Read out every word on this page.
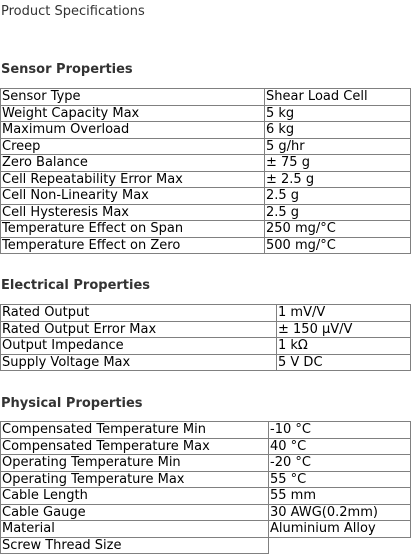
Product Specifications
Sensor Properties
Sensor Type	Shear Load Cell
Weight Capacity Max	5 kg
Maximum Overload	6 kg
Creep	5 g/hr
Zero Balance	± 75 g
Cell Repeatability Error Max	± 2.5 g
Cell Non-Linearity Max	2.5 g
Cell Hysteresis Max	2.5 g
Temperature Effect on Span	250 mg/°C
Temperature Effect on Zero	500 mg/°C
Electrical Properties
Rated Output	1 mV/V
Rated Output Error Max	± 150 µV/V
Output Impedance	1 kΩ
Supply Voltage Max	5 V DC
Physical Properties
Compensated Temperature Min	-10 °C
Compensated Temperature Max	40 °C
Operating Temperature Min	-20 °C
Operating Temperature Max	55 °C
Cable Length	55 mm
Cable Gauge	30 AWG(0.2mm)
Material	Aluminium Alloy
Screw Thread Size	
